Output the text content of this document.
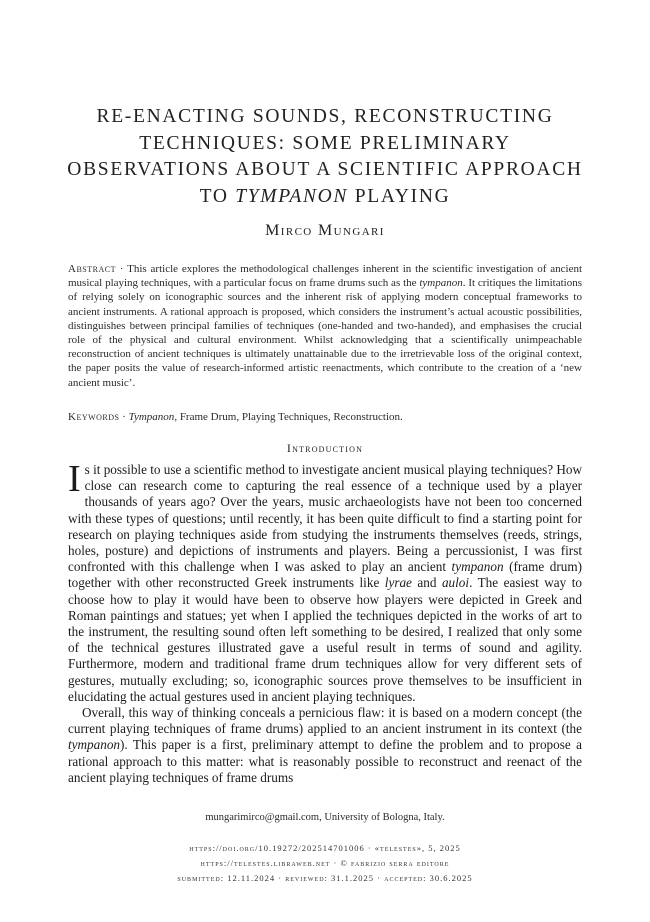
RE-ENACTING SOUNDS, RECONSTRUCTING
TECHNIQUES: SOME PRELIMINARY
OBSERVATIONS ABOUT A SCIENTIFIC APPROACH
TO TYMPANON PLAYING
Mirco Mungari
Abstract · This article explores the methodological challenges inherent in the scientific investigation of ancient musical playing techniques, with a particular focus on frame drums such as the tympanon. It critiques the limitations of relying solely on iconographic sources and the inherent risk of applying modern conceptual frameworks to ancient instruments. A rational approach is proposed, which considers the instrument’s actual acoustic possibilities, distinguishes between principal families of techniques (one-handed and two-handed), and emphasises the crucial role of the physical and cultural environment. Whilst acknowledging that a scientifically unimpeachable reconstruction of ancient techniques is ultimately unattainable due to the irretrievable loss of the original context, the paper posits the value of research-informed artistic reenactments, which contribute to the creation of a ‘new ancient music’.
Keywords · Tympanon, Frame Drum, Playing Techniques, Reconstruction.
Introduction

Is it possible to use a scientific method to investigate ancient musical playing techniques? How close can research come to capturing the real essence of a technique used by a player thousands of years ago? Over the years, music archaeologists have not been too concerned with these types of questions; until recently, it has been quite difficult to find a starting point for research on playing techniques aside from studying the instruments themselves (reeds, strings, holes, posture) and depictions of instruments and players. Being a percussionist, I was first confronted with this challenge when I was asked to play an ancient tympanon (frame drum) together with other reconstructed Greek instruments like lyrae and auloi. The easiest way to choose how to play it would have been to observe how players were depicted in Greek and Roman paintings and statues; yet when I applied the techniques depicted in the works of art to the instrument, the resulting sound often left something to be desired, I realized that only some of the technical gestures illustrated gave a useful result in terms of sound and agility. Furthermore, modern and traditional frame drum techniques allow for very different sets of gestures, mutually excluding; so, iconographic sources prove themselves to be insufficient in elucidating the actual gestures used in ancient playing techniques.

Overall, this way of thinking conceals a pernicious flaw: it is based on a modern concept (the current playing techniques of frame drums) applied to an ancient instrument in its context (the tympanon). This paper is a first, preliminary attempt to define the problem and to propose a rational approach to this matter: what is reasonably possible to reconstruct and reenact of the ancient playing techniques of frame drums

mungarimirco@gmail.com, University of Bologna, Italy.
https://doi.org/10.19272/202514701006 · «telestes», 5, 2025
https://telestes.libraweb.net · © fabrizio serra editore
submitted: 12.11.2024 · reviewed: 31.1.2025 · accepted: 30.6.2025
